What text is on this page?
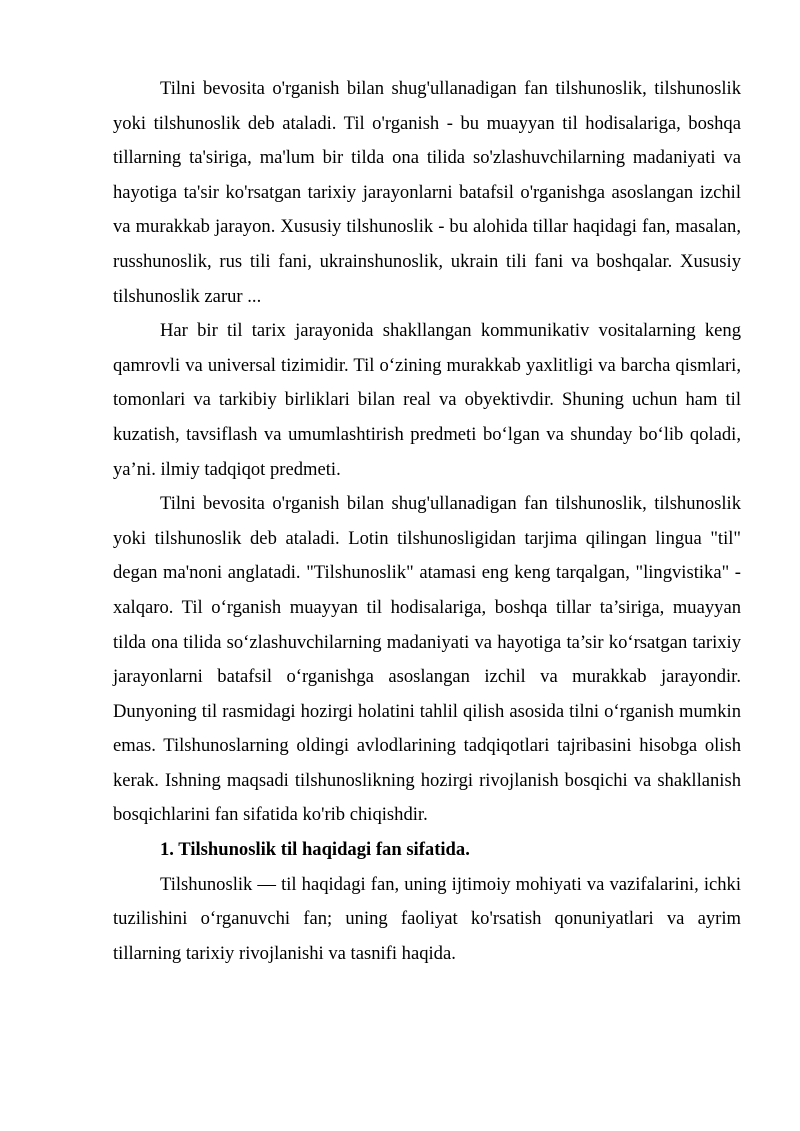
Tilni bevosita o'rganish bilan shug'ullanadigan fan tilshunoslik, tilshunoslik yoki tilshunoslik deb ataladi. Til o'rganish - bu muayyan til hodisalariga, boshqa tillarning ta'siriga, ma'lum bir tilda ona tilida so'zlashuvchilarning madaniyati va hayotiga ta'sir ko'rsatgan tarixiy jarayonlarni batafsil o'rganishga asoslangan izchil va murakkab jarayon. Xususiy tilshunoslik - bu alohida tillar haqidagi fan, masalan, russhunoslik, rus tili fani, ukrainshunoslik, ukrain tili fani va boshqalar. Xususiy tilshunoslik zarur ...

Har bir til tarix jarayonida shakllangan kommunikativ vositalarning keng qamrovli va universal tizimidir. Til o‘zining murakkab yaxlitligi va barcha qismlari, tomonlari va tarkibiy birliklari bilan real va obyektivdir. Shuning uchun ham til kuzatish, tavsiflash va umumlashtirish predmeti bo‘lgan va shunday bo‘lib qoladi, ya’ni. ilmiy tadqiqot predmeti.

Tilni bevosita o'rganish bilan shug'ullanadigan fan tilshunoslik, tilshunoslik yoki tilshunoslik deb ataladi. Lotin tilshunosligidan tarjima qilingan lingua "til" degan ma'noni anglatadi. "Tilshunoslik" atamasi eng keng tarqalgan, "lingvistika" - xalqaro. Til o‘rganish muayyan til hodisalariga, boshqa tillar ta’siriga, muayyan tilda ona tilida so‘zlashuvchilarning madaniyati va hayotiga ta’sir ko‘rsatgan tarixiy jarayonlarni batafsil o‘rganishga asoslangan izchil va murakkab jarayondir. Dunyoning til rasmidagi hozirgi holatini tahlil qilish asosida tilni o‘rganish mumkin emas. Tilshunoslarning oldingi avlodlarining tadqiqotlari tajribasini hisobga olish kerak. Ishning maqsadi tilshunoslikning hozirgi rivojlanish bosqichi va shakllanish bosqichlarini fan sifatida ko'rib chiqishdir.

1. Tilshunoslik til haqidagi fan sifatida.

Tilshunoslik — til haqidagi fan, uning ijtimoiy mohiyati va vazifalarini, ichki tuzilishini o‘rganuvchi fan; uning faoliyat ko'rsatish qonuniyatlari va ayrim tillarning tarixiy rivojlanishi va tasnifi haqida.
